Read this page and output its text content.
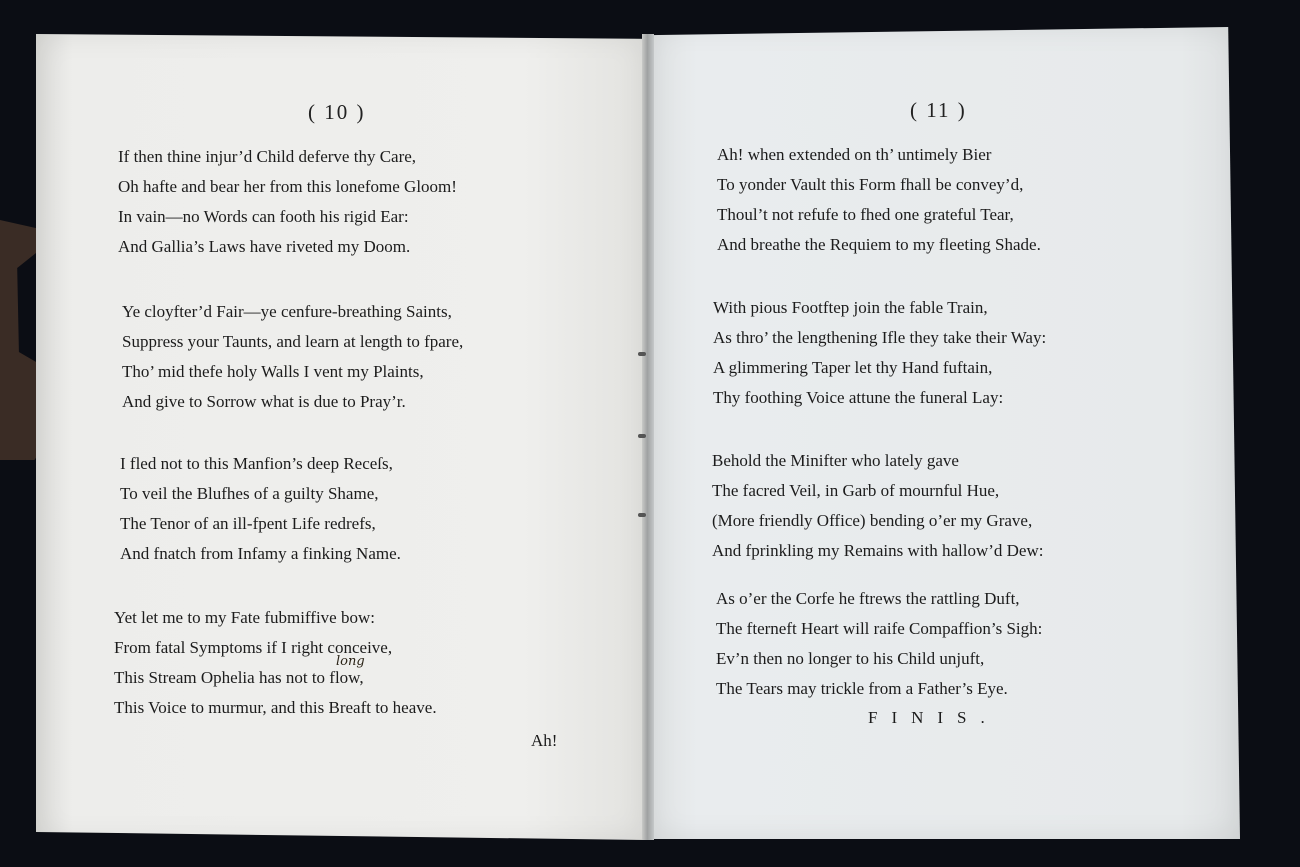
( 10 )
If then thine injur’d Child deferve thy Care,
Oh hafte and bear her from this lonefome Gloom!
In vain—no Words can footh his rigid Ear:
And Gallia’s Laws have riveted my Doom.
Ye cloyfter’d Fair—ye cenfure-breathing Saints,
Suppress your Taunts, and learn at length to fpare,
Tho’ mid thefe holy Walls I vent my Plaints,
And give to Sorrow what is due to Pray’r.
I fled not to this Manfion’s deep Receſs,
To veil the Blufhes of a guilty Shame,
The Tenor of an ill-fpent Life redrefs,
And fnatch from Infamy a finking Name.
Yet let me to my Fate fubmiffive bow:
From fatal Symptoms if I right conceive,
This Stream Ophelia has not to flow,
This Voice to murmur, and this Breaft to heave.
long
Ah!
( 11 )
Ah! when extended on th’ untimely Bier
To yonder Vault this Form fhall be convey’d,
Thoul’t not refufe to fhed one grateful Tear,
And breathe the Requiem to my fleeting Shade.
With pious Footftep join the fable Train,
As thro’ the lengthening Ifle they take their Way:
A glimmering Taper let thy Hand fuftain,
Thy foothing Voice attune the funeral Lay:
Behold the Minifter who lately gave
The facred Veil, in Garb of mournful Hue,
(More friendly Office) bending o’er my Grave,
And fprinkling my Remains with hallow’d Dew:
As o’er the Corfe he ftrews the rattling Duft,
The fterneft Heart will raife Compaffion’s Sigh:
Ev’n then no longer to his Child unjuft,
The Tears may trickle from a Father’s Eye.
FINIS.
